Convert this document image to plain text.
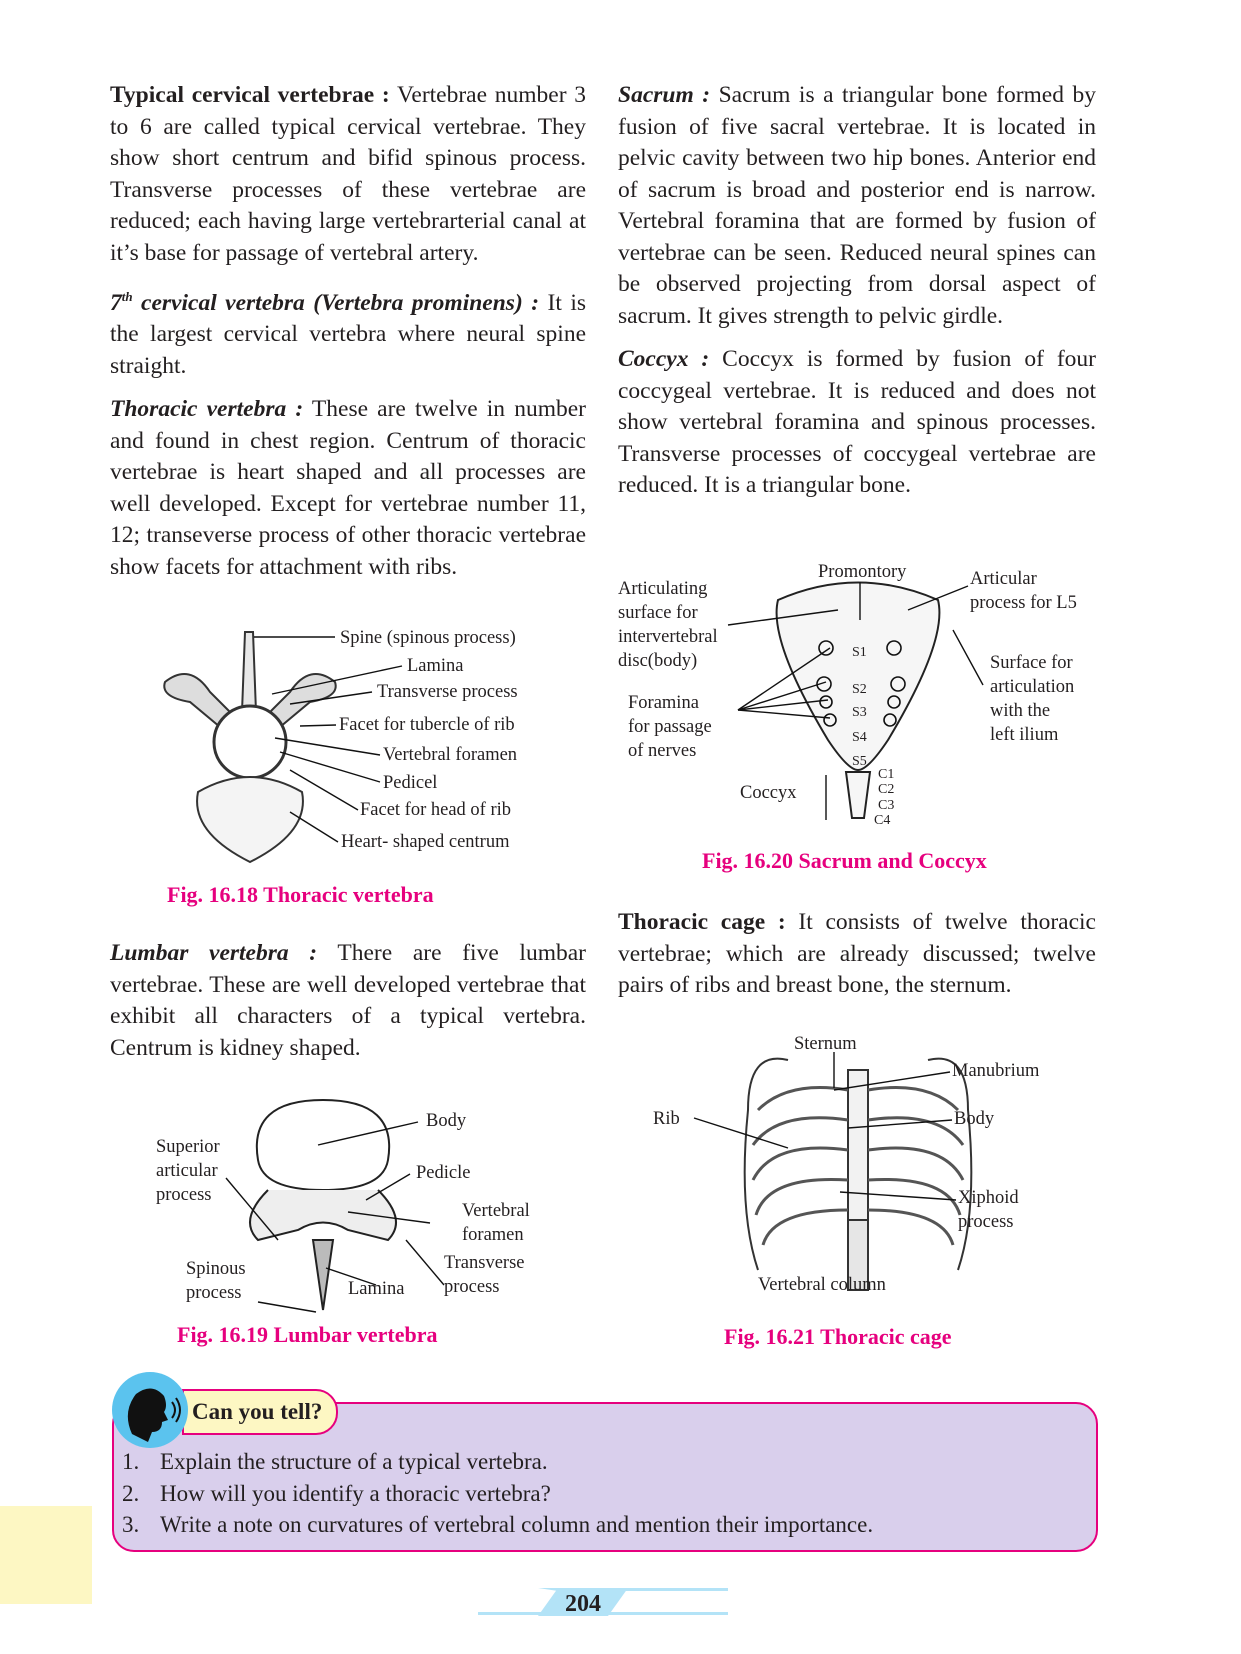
Typical cervical vertebrae : Vertebrae number 3 to 6 are called typical cervical vertebrae. They show short centrum and bifid spinous process. Transverse processes of these vertebrae are reduced; each having large vertebrarterial canal at it’s base for passage of vertebral artery.

7th cervical vertebra (Vertebra prominens) : It is the largest cervical vertebra where neural spine straight.

Thoracic vertebra : These are twelve in number and found in chest region. Centrum of thoracic vertebrae is heart shaped and all processes are well developed. Except for vertebrae number 11, 12; transeverse process of other thoracic vertebrae show facets for attachment with ribs.

Lumbar vertebra : There are five lumbar vertebrae. These are well developed vertebrae that exhibit all characters of a typical vertebra. Centrum is kidney shaped.

Sacrum : Sacrum is a triangular bone formed by fusion of five sacral vertebrae. It is located in pelvic cavity between two hip bones. Anterior end of sacrum is broad and posterior end is narrow. Vertebral foramina that are formed by fusion of vertebrae can be seen. Reduced neural spines can be observed projecting from dorsal aspect of sacrum. It gives strength to pelvic girdle.

Coccyx : Coccyx is formed by fusion of four coccygeal vertebrae. It is reduced and does not show vertebral foramina and spinous processes. Transverse processes of coccygeal vertebrae are reduced. It is a triangular bone.

Thoracic cage : It consists of twelve thoracic vertebrae; which are already discussed; twelve pairs of ribs and breast bone, the sternum.

Spine (spinous process)
Lamina
Transverse process
Facet for tubercle of rib
Vertebral foramen
Pedicel
Facet for head of rib
Heart- shaped centrum
Fig. 16.18 Thoracic vertebra
Body
Superior
articular
process
Pedicle
Vertebral
foramen
Transverse
process
Spinous
process	Lamina
Fig. 16.19 Lumbar vertebra
Promontory	Articular
process for L5
Articulating
surface for
intervertebral
disc(body)	Surface for
articulation
with the
left ilium
Foramina
for passage
of nerves
Coccyx
S1
S2
S3
S4
S5
C1
C2
C3
C4
Fig. 16.20 Sacrum and Coccyx
Sternum
Manubrium
Body
Rib
Xiphoid
process
Vertebral column
Fig. 16.21 Thoracic cage
1. Explain the structure of a typical vertebra.
2. How will you identify a thoracic vertebra?
3. Write a note on curvatures of vertebral column and mention their importance.
Can you tell?
204
